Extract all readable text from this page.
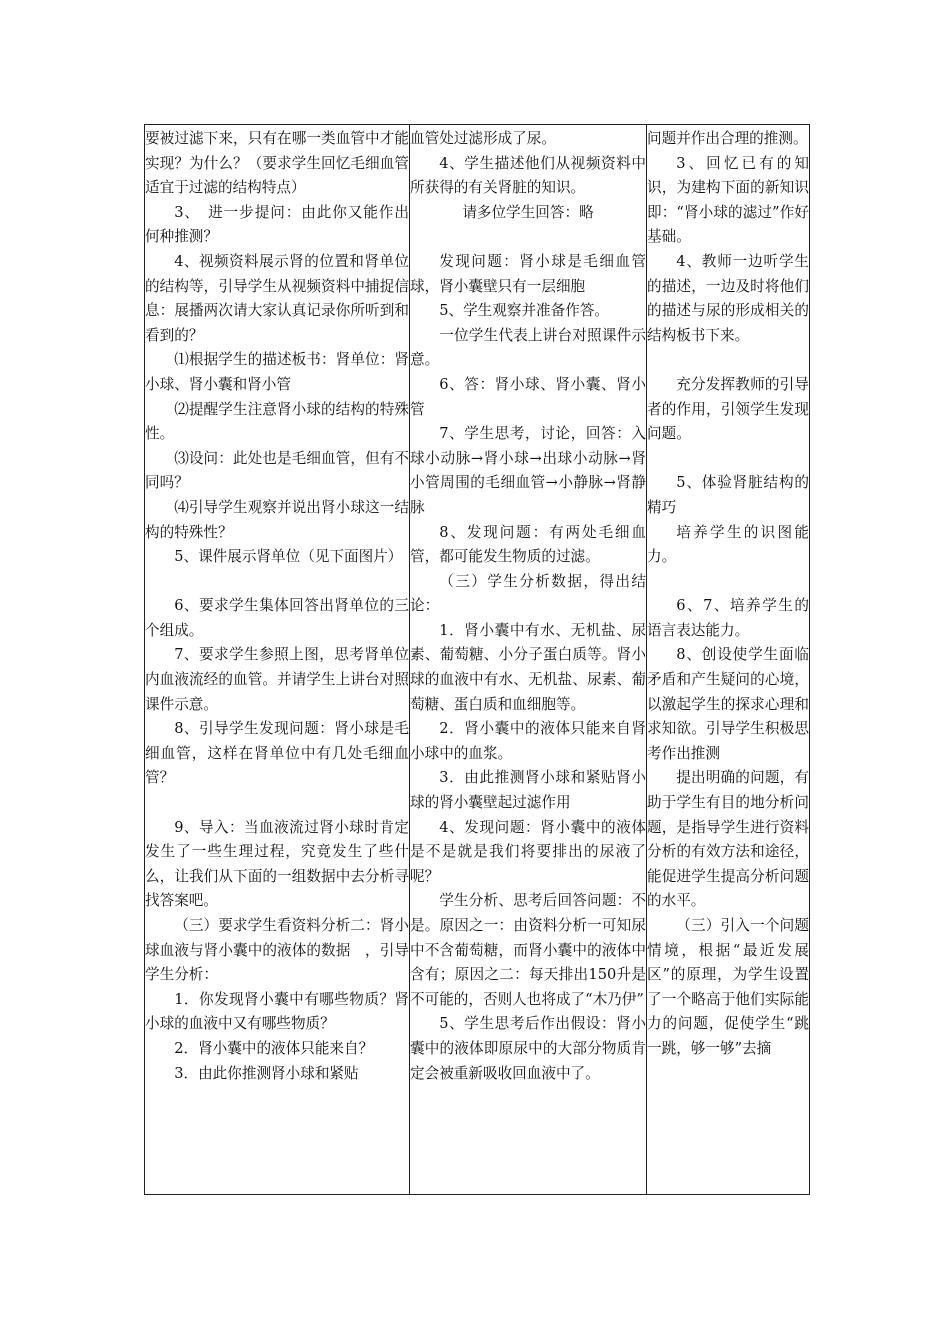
要被过滤下来，只有在哪一类血管中才能实现？为什么？（要求学生回忆毛细血管适宜于过滤的结构特点）

3、　进一步提问：由此你又能作出何种推测？

4、视频资料展示肾的位置和肾单位的结构等，引导学生从视频资料中捕捉信息：展播两次请大家认真记录你所听到和看到的？

⑴根据学生的描述板书：肾单位：肾小球、肾小囊和肾小管

⑵提醒学生注意肾小球的结构的特殊性。

⑶设问：此处也是毛细血管，但有不同吗？

⑷引导学生观察并说出肾小球这一结构的特殊性？

5、课件展示肾单位（见下面图片）

6、要求学生集体回答出肾单位的三个组成。

7、要求学生参照上图，思考肾单位内血液流经的血管。并请学生上讲台对照课件示意。

8、引导学生发现问题：肾小球是毛细血管，这样在肾单位中有几处毛细血管？

9、导入：当血液流过肾小球时肯定发生了一些生理过程，究竟发生了些什么，让我们从下面的一组数据中去分析寻找答案吧。

（三）要求学生看资料分析二：肾小球血液与肾小囊中的液体的数据　，引导学生分析：

1．你发现肾小囊中有哪些物质？肾小球的血液中又有哪些物质？

2．肾小囊中的液体只能来自？

3．由此你推测肾小球和紧贴

血管处过滤形成了尿。

4、学生描述他们从视频资料中所获得的有关肾脏的知识。

请多位学生回答：略

发现问题：肾小球是毛细血管球，肾小囊壁只有一层细胞

5、学生观察并准备作答。

一位学生代表上讲台对照课件示意。

6、答：肾小球、肾小囊、肾小管

7、学生思考，讨论，回答：入球小动脉→肾小球→出球小动脉→肾小管周围的毛细血管→小静脉→肾静脉

8、发现问题：有两处毛细血管，都可能发生物质的过滤。

（三）学生分析数据，得出结论：

1．肾小囊中有水、无机盐、尿素、葡萄糖、小分子蛋白质等。肾小球的血液中有水、无机盐、尿素、葡萄糖、蛋白质和血细胞等。

2．肾小囊中的液体只能来自肾小球中的血浆。

3．由此推测肾小球和紧贴肾小球的肾小囊壁起过滤作用

4、发现问题：肾小囊中的液体是不是就是我们将要排出的尿液了呢？

学生分析、思考后回答问题：不是。原因之一：由资料分析一可知尿中不含葡萄糖，而肾小囊中的液体中含有；原因之二：每天排出150升是不可能的，否则人也将成了“木乃伊”

5、学生思考后作出假设：肾小囊中的液体即原尿中的大部分物质肯定会被重新吸收回血液中了。

问题并作出合理的推测。

3、回忆已有的知识，为建构下面的新知识即：“肾小球的滤过”作好基础。

4、教师一边听学生的描述，一边及时将他们的描述与尿的形成相关的结构板书下来。

充分发挥教师的引导者的作用，引领学生发现问题。

5、体验肾脏结构的精巧

培养学生的识图能力。

6、7、培养学生的语言表达能力。

8、创设使学生面临矛盾和产生疑问的心境，以激起学生的探求心理和求知欲。引导学生积极思考作出推测

提出明确的问题，有助于学生有目的地分析问题，是指导学生进行资料分析的有效方法和途径，能促进学生提高分析问题的水平。

（三）引入一个问题情境，根据“最近发展区”的原理，为学生设置了一个略高于他们实际能力的问题，促使学生“跳一跳，够一够”去摘
